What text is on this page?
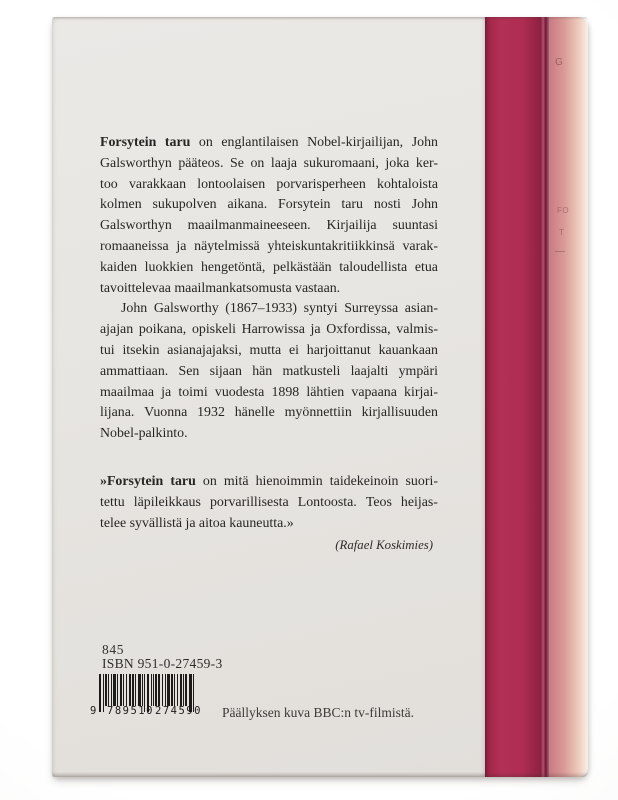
Forsytein taru on englantilaisen Nobel-kirjailijan, John
Galsworthyn pääteos. Se on laaja sukuromaani, joka ker-
too varakkaan lontoolaisen porvarisperheen kohtaloista
kolmen sukupolven aikana. Forsytein taru nosti John
Galsworthyn maailmanmaineeseen. Kirjailija suuntasi
romaaneissa ja näytelmissä yhteiskuntakritiikkinsä varak-
kaiden luokkien hengetöntä, pelkästään taloudellista etua
tavoittelevaa maailmankatsomusta vastaan.
John Galsworthy (1867–1933) syntyi Surreyssa asian-
ajajan poikana, opiskeli Harrowissa ja Oxfordissa, valmis-
tui itsekin asianajajaksi, mutta ei harjoittanut kauankaan
ammattiaan. Sen sijaan hän matkusteli laajalti ympäri
maailmaa ja toimi vuodesta 1898 lähtien vapaana kirjai-
lijana. Vuonna 1932 hänelle myönnettiin kirjallisuuden
Nobel-palkinto.
»Forsytein taru on mitä hienoimmin taidekeinoin suori-
tettu läpileikkaus porvarillisesta Lontoosta. Teos heijas-
telee syvällistä ja aitoa kauneutta.»
(Rafael Koskimies)
845
ISBN 951-0-27459-3
9 789510 274590 Päällyksen kuva BBC:n tv-filmistä.
G
FO
T
—
